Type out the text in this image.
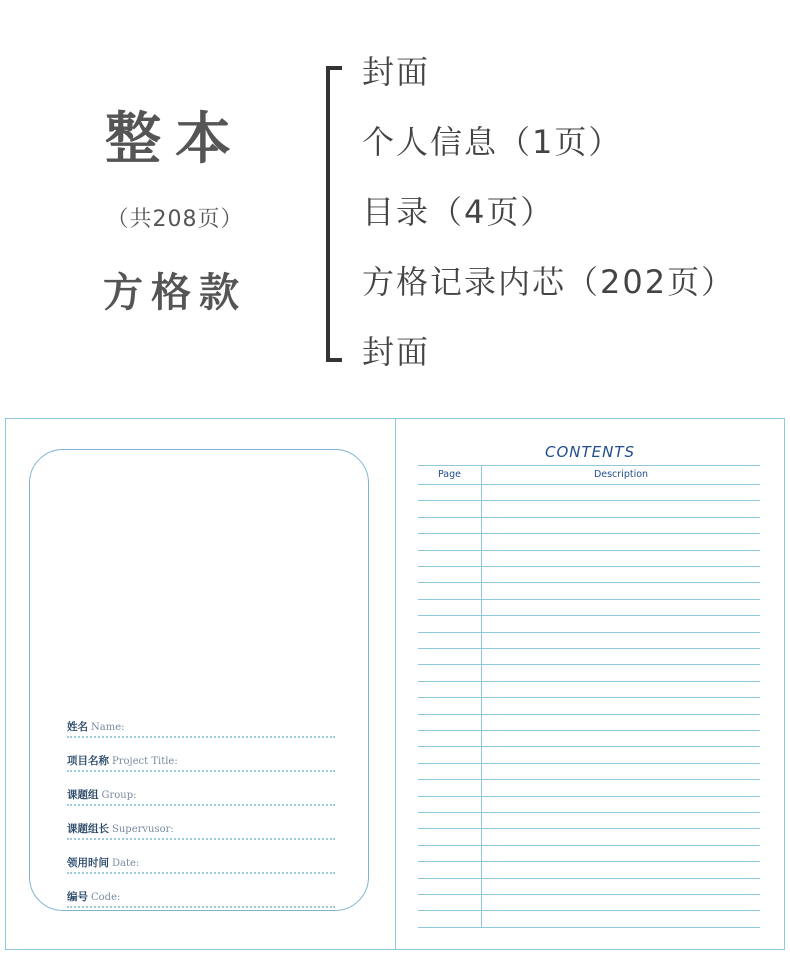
整本
（共208页）
方格款
封面
个人信息（1页）
目录（4页）
方格记录内芯（202页）
封面
姓名 Name:
项目名称 Project Title:
课题组 Group:
课题组长 Supervusor:
领用时间 Date:
编号 Code:
CONTENTS
Page	Description
